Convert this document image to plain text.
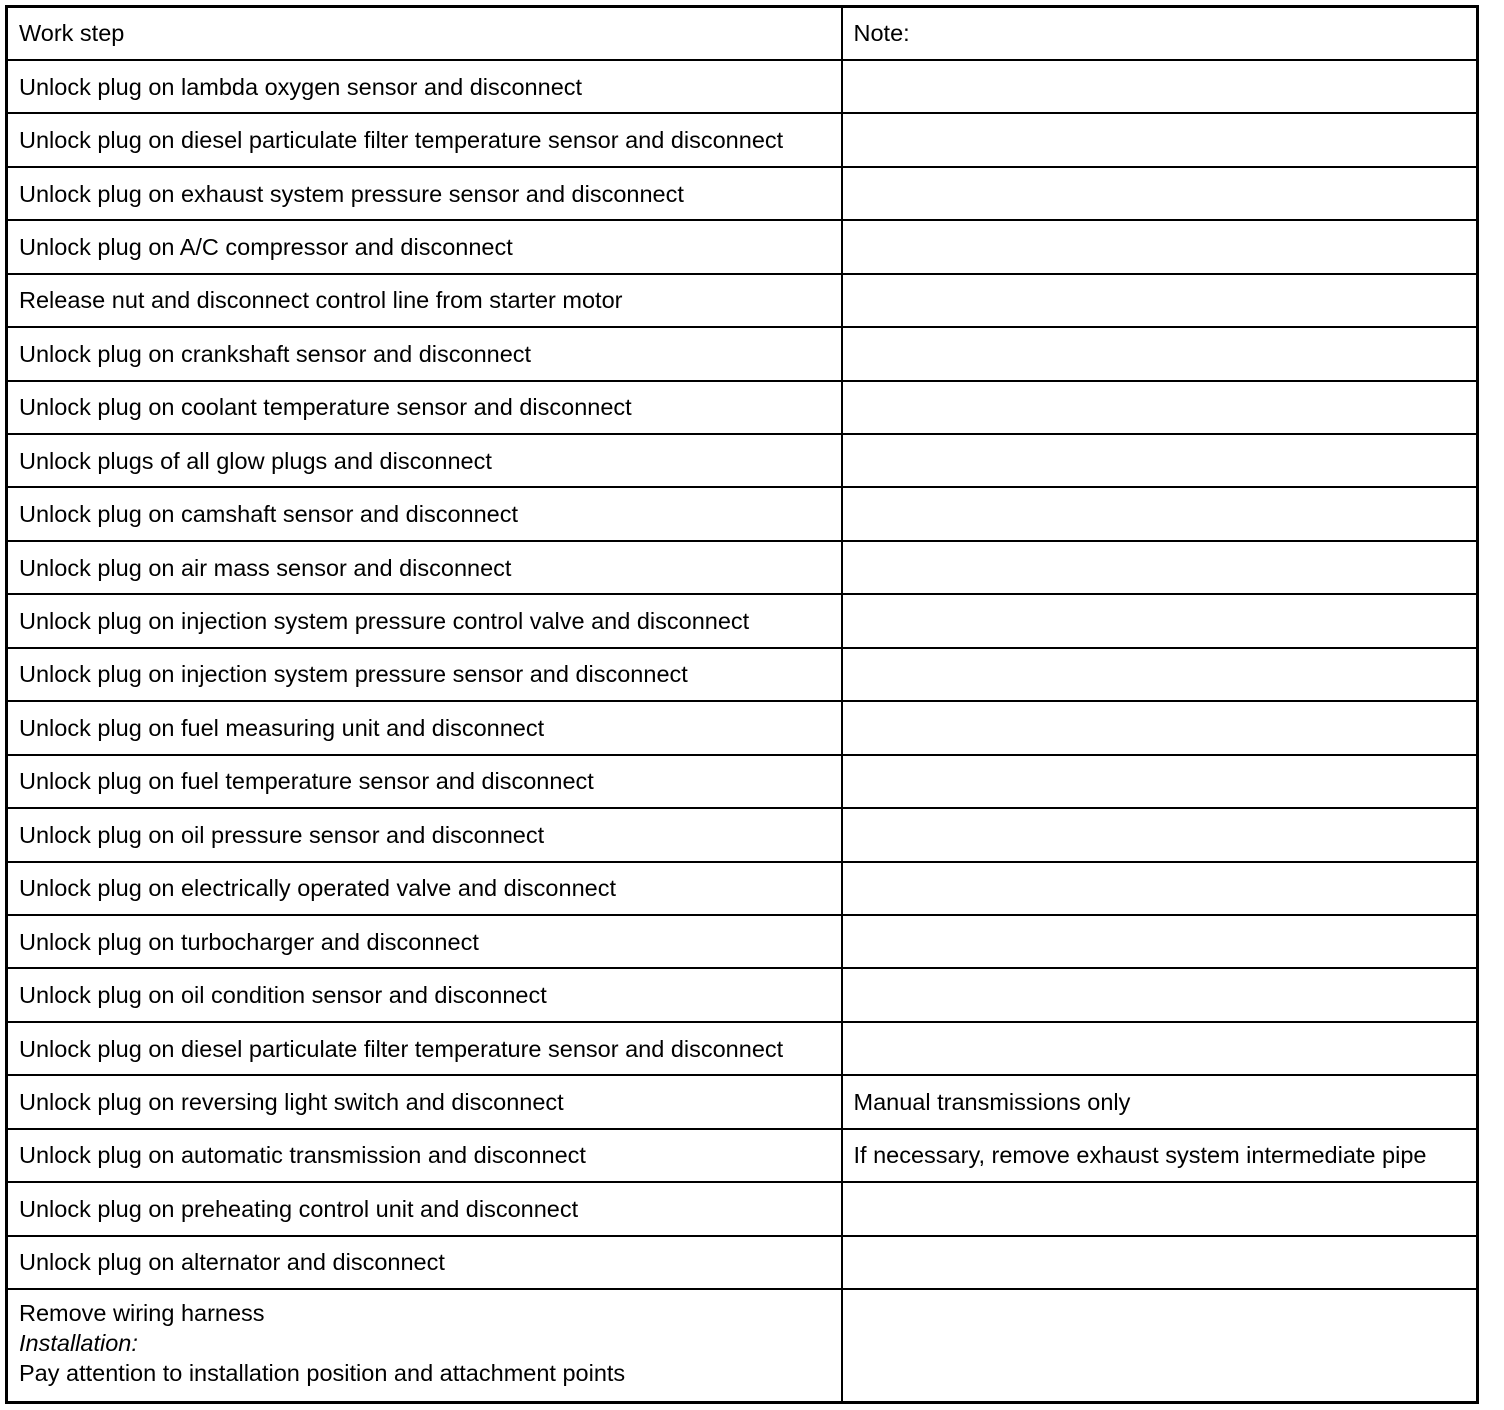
Work step	Note:
Unlock plug on lambda oxygen sensor and disconnect	
Unlock plug on diesel particulate filter temperature sensor and disconnect	
Unlock plug on exhaust system pressure sensor and disconnect	
Unlock plug on A/C compressor and disconnect	
Release nut and disconnect control line from starter motor	
Unlock plug on crankshaft sensor and disconnect	
Unlock plug on coolant temperature sensor and disconnect	
Unlock plugs of all glow plugs and disconnect	
Unlock plug on camshaft sensor and disconnect	
Unlock plug on air mass sensor and disconnect	
Unlock plug on injection system pressure control valve and disconnect	
Unlock plug on injection system pressure sensor and disconnect	
Unlock plug on fuel measuring unit and disconnect	
Unlock plug on fuel temperature sensor and disconnect	
Unlock plug on oil pressure sensor and disconnect	
Unlock plug on electrically operated valve and disconnect	
Unlock plug on turbocharger and disconnect	
Unlock plug on oil condition sensor and disconnect	
Unlock plug on diesel particulate filter temperature sensor and disconnect	
Unlock plug on reversing light switch and disconnect	Manual transmissions only
Unlock plug on automatic transmission and disconnect	If necessary, remove exhaust system intermediate pipe
Unlock plug on preheating control unit and disconnect	
Unlock plug on alternator and disconnect	

Remove wiring harness
Installation:
Pay attention to installation position and attachment points	
